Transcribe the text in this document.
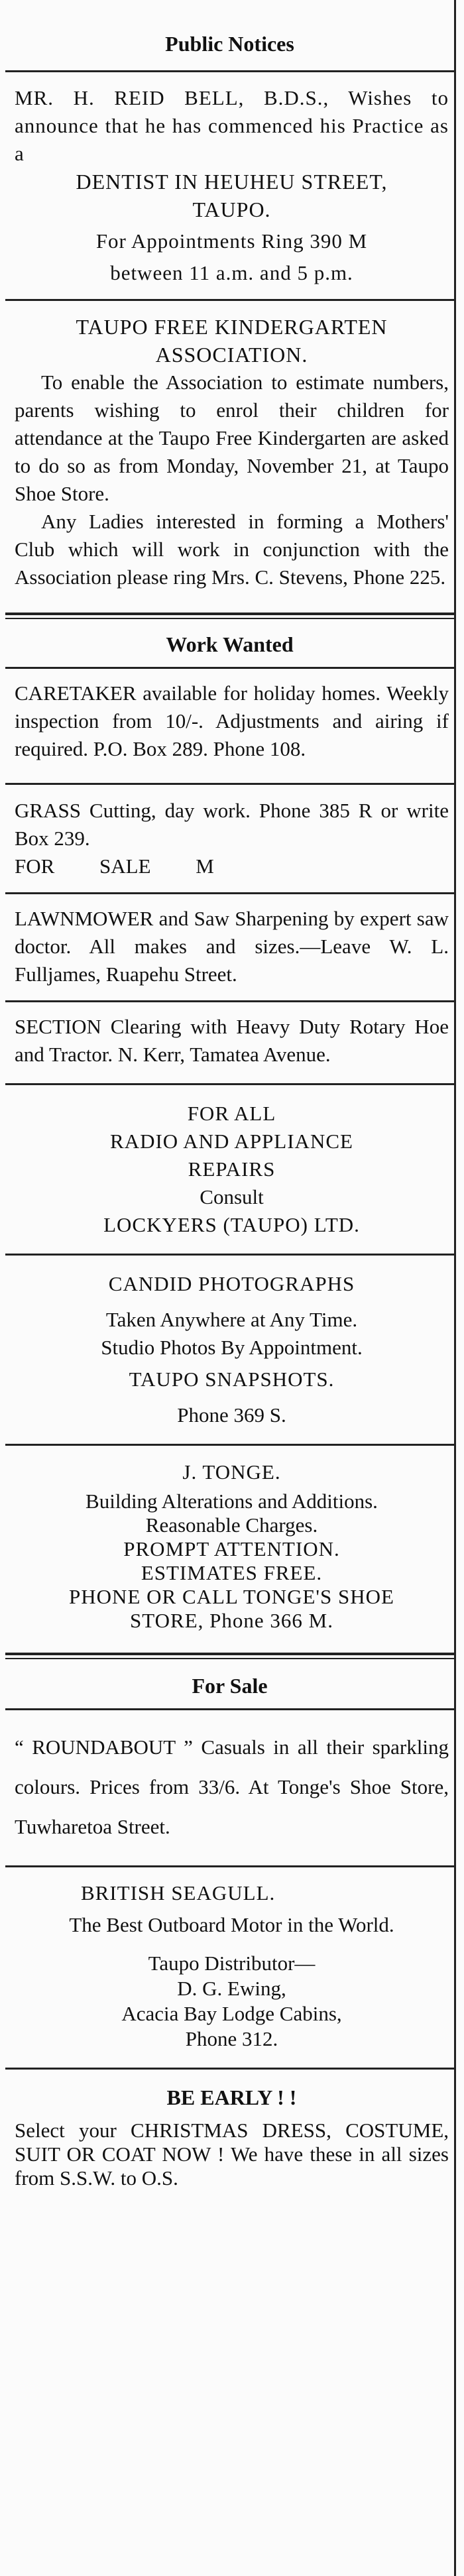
Public Notices

MR. H. REID BELL, B.D.S., Wishes to announce that he has commenced his Practice as a

DENTIST IN HEUHEU STREET,

TAUPO.

For Appointments Ring 390 M

between 11 a.m. and 5 p.m.

TAUPO FREE KINDERGARTEN

ASSOCIATION.

To enable the Association to estimate numbers, parents wishing to enrol their children for attendance at the Taupo Free Kindergarten are asked to do so as from Monday, November 21, at Taupo Shoe Store.

Any Ladies interested in forming a Mothers' Club which will work in conjunction with the Association please ring Mrs. C. Stevens, Phone 225.

Work Wanted

CARETAKER available for holiday homes. Weekly inspection from 10/-. Adjustments and airing if required. P.O. Box 289. Phone 108.

GRASS Cutting, day work. Phone 385 R or write Box 239.

FOR SALE M

LAWNMOWER and Saw Sharpening by expert saw doctor. All makes and sizes.—Leave W. L. Fulljames, Ruapehu Street.

SECTION Clearing with Heavy Duty Rotary Hoe and Tractor. N. Kerr, Tamatea Avenue.

FOR ALL

RADIO AND APPLIANCE

REPAIRS

Consult

LOCKYERS (TAUPO) LTD.

CANDID PHOTOGRAPHS

Taken Anywhere at Any Time.

Studio Photos By Appointment.

TAUPO SNAPSHOTS.

Phone 369 S.

J. TONGE.

Building Alterations and Additions.

Reasonable Charges.

PROMPT ATTENTION.

ESTIMATES FREE.

PHONE OR CALL TONGE'S SHOE

STORE, Phone 366 M.

For Sale

“ ROUNDABOUT ” Casuals in all their sparkling colours. Prices from 33/6. At Tonge's Shoe Store, Tuwharetoa Street.

BRITISH SEAGULL.

The Best Outboard Motor in the World.

Taupo Distributor—

D. G. Ewing,

Acacia Bay Lodge Cabins,

Phone 312.

BE EARLY ! !

Select your CHRISTMAS DRESS, COSTUME, SUIT OR COAT NOW ! We have these in all sizes from S.S.W. to O.S.
